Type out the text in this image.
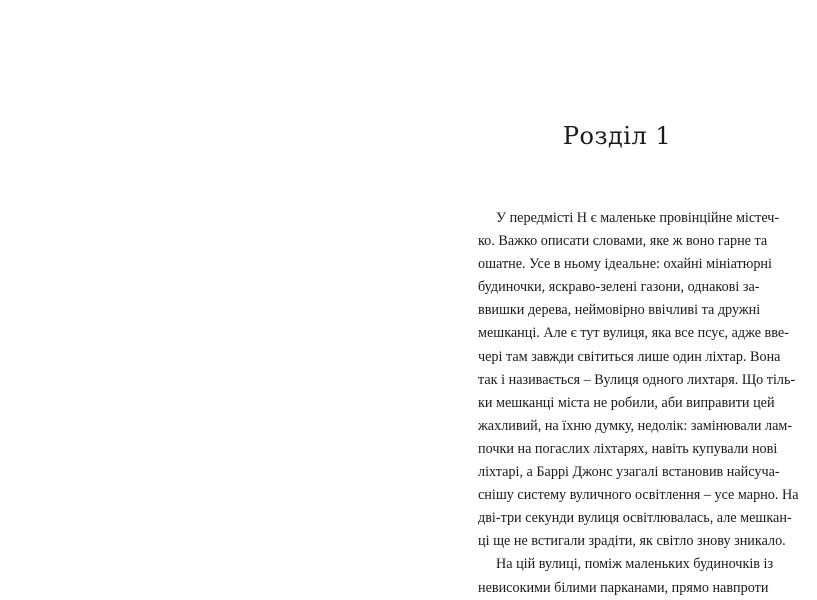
Розділ 1
У передмісті Н є маленьке провінційне містеч-
ко. Важко описати словами, яке ж воно гарне та
ошатне. Усе в ньому ідеальне: охайні мініатюрні
будиночки, яскраво-зелені газони, однакові за-
ввишки дерева, неймовірно ввічливі та дружні
мешканці. Але є тут вулиця, яка все псує, адже вве-
чері там завжди світиться лише один ліхтар. Вона
так і називається – Вулиця одного лихтаря. Що тіль-
ки мешканці міста не робили, аби виправити цей
жахливий, на їхню думку, недолік: замінювали лам-
почки на погаслих ліхтарях, навіть купували нові
ліхтарі, а Баррі Джонс узагалі встановив найсуча-
снішу систему вуличного освітлення – усе марно. На
дві-три секунди вулиця освітлювалась, але мешкан-
ці ще не встигали зрадіти, як світло знову зникало.
На цій вулиці, поміж маленьких будиночків із
невисокими білими парканами, прямо навпроти
